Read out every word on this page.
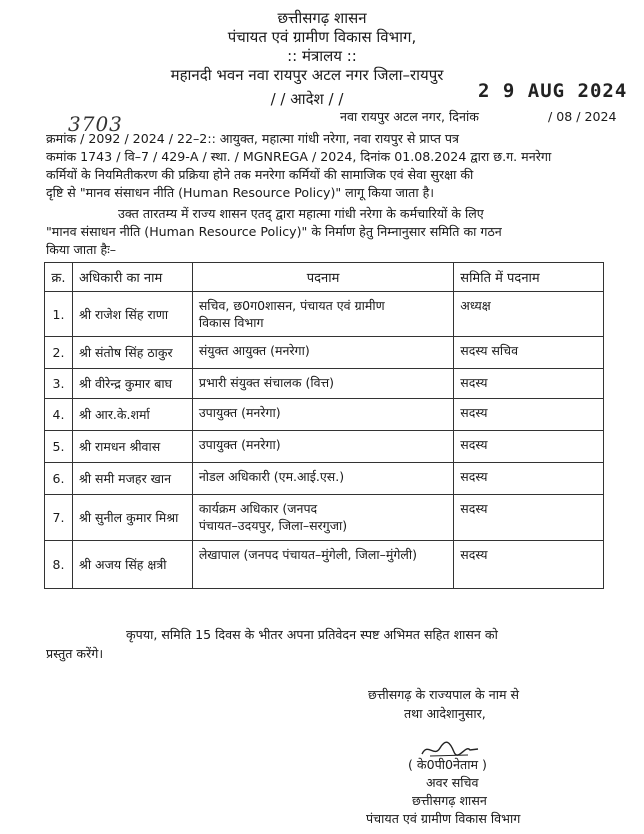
छत्तीसगढ़ शासन
पंचायत एवं ग्रामीण विकास विभाग,
:: मंत्रालय ::
महानदी भवन नवा रायपुर अटल नगर जिला–रायपुर
2 9 AUG 2024
/ / आदेश / /
नवा रायपुर अटल नगर, दिनांक	/ 08 / 2024
3703
क्रमांक / 2092 / 2024 / 22–2:: आयुक्त, महात्मा गांधी नरेगा, नवा रायपुर से प्राप्त पत्र
कमांक 1743 / वि–7 / 429-A / स्था. / MGNREGA / 2024, दिनांक 01.08.2024 द्वारा छ.ग. मनरेगा
कर्मियों के नियमितीकरण की प्रक्रिया होने तक मनरेगा कर्मियों की सामाजिक एवं सेवा सुरक्षा की
दृष्टि से "मानव संसाधन नीति (Human Resource Policy)" लागू किया जाता है।
उक्त तारतम्य में राज्य शासन एतद् द्वारा महात्मा गांधी नरेगा के कर्मचारियों के लिए
"मानव संसाधन नीति (Human Resource Policy)" के निर्माण हेतु निम्नानुसार समिति का गठन
किया जाता हैः–
क्र.	अधिकारी का नाम	पदनाम	समिति में पदनाम
1.	श्री राजेश सिंह राणा	सचिव, छ0ग0शासन, पंचायत एवं ग्रामीण
विकास विभाग	अध्यक्ष
2.	श्री संतोष सिंह ठाकुर	संयुक्त आयुक्त (मनरेगा)	सदस्य सचिव
3.	श्री वीरेन्द्र कुमार बाघ	प्रभारी संयुक्त संचालक (वित्त)	सदस्य
4.	श्री आर.के.शर्मा	उपायुक्त (मनरेगा)	सदस्य
5.	श्री रामधन श्रीवास	उपायुक्त (मनरेगा)	सदस्य
6.	श्री समी मजहर खान	नोडल अधिकारी (एम.आई.एस.)	सदस्य
7.	श्री सुनील कुमार मिश्रा	कार्यक्रम अधिकार (जनपद
पंचायत–उदयपुर, जिला–सरगुजा)	सदस्य
8.	श्री अजय सिंह क्षत्री	लेखापाल (जनपद पंचायत–मुंगेली, जिला–मुंगेली)	सदस्य
कृपया, समिति 15 दिवस के भीतर अपना प्रतिवेदन स्पष्ट अभिमत सहित शासन को
प्रस्तुत करेंगे।
छत्तीसगढ़ के राज्यपाल के नाम से
तथा आदेशानुसार,
( के0पी0नेताम )
अवर सचिव
छत्तीसगढ़ शासन
पंचायत एवं ग्रामीण विकास विभाग
